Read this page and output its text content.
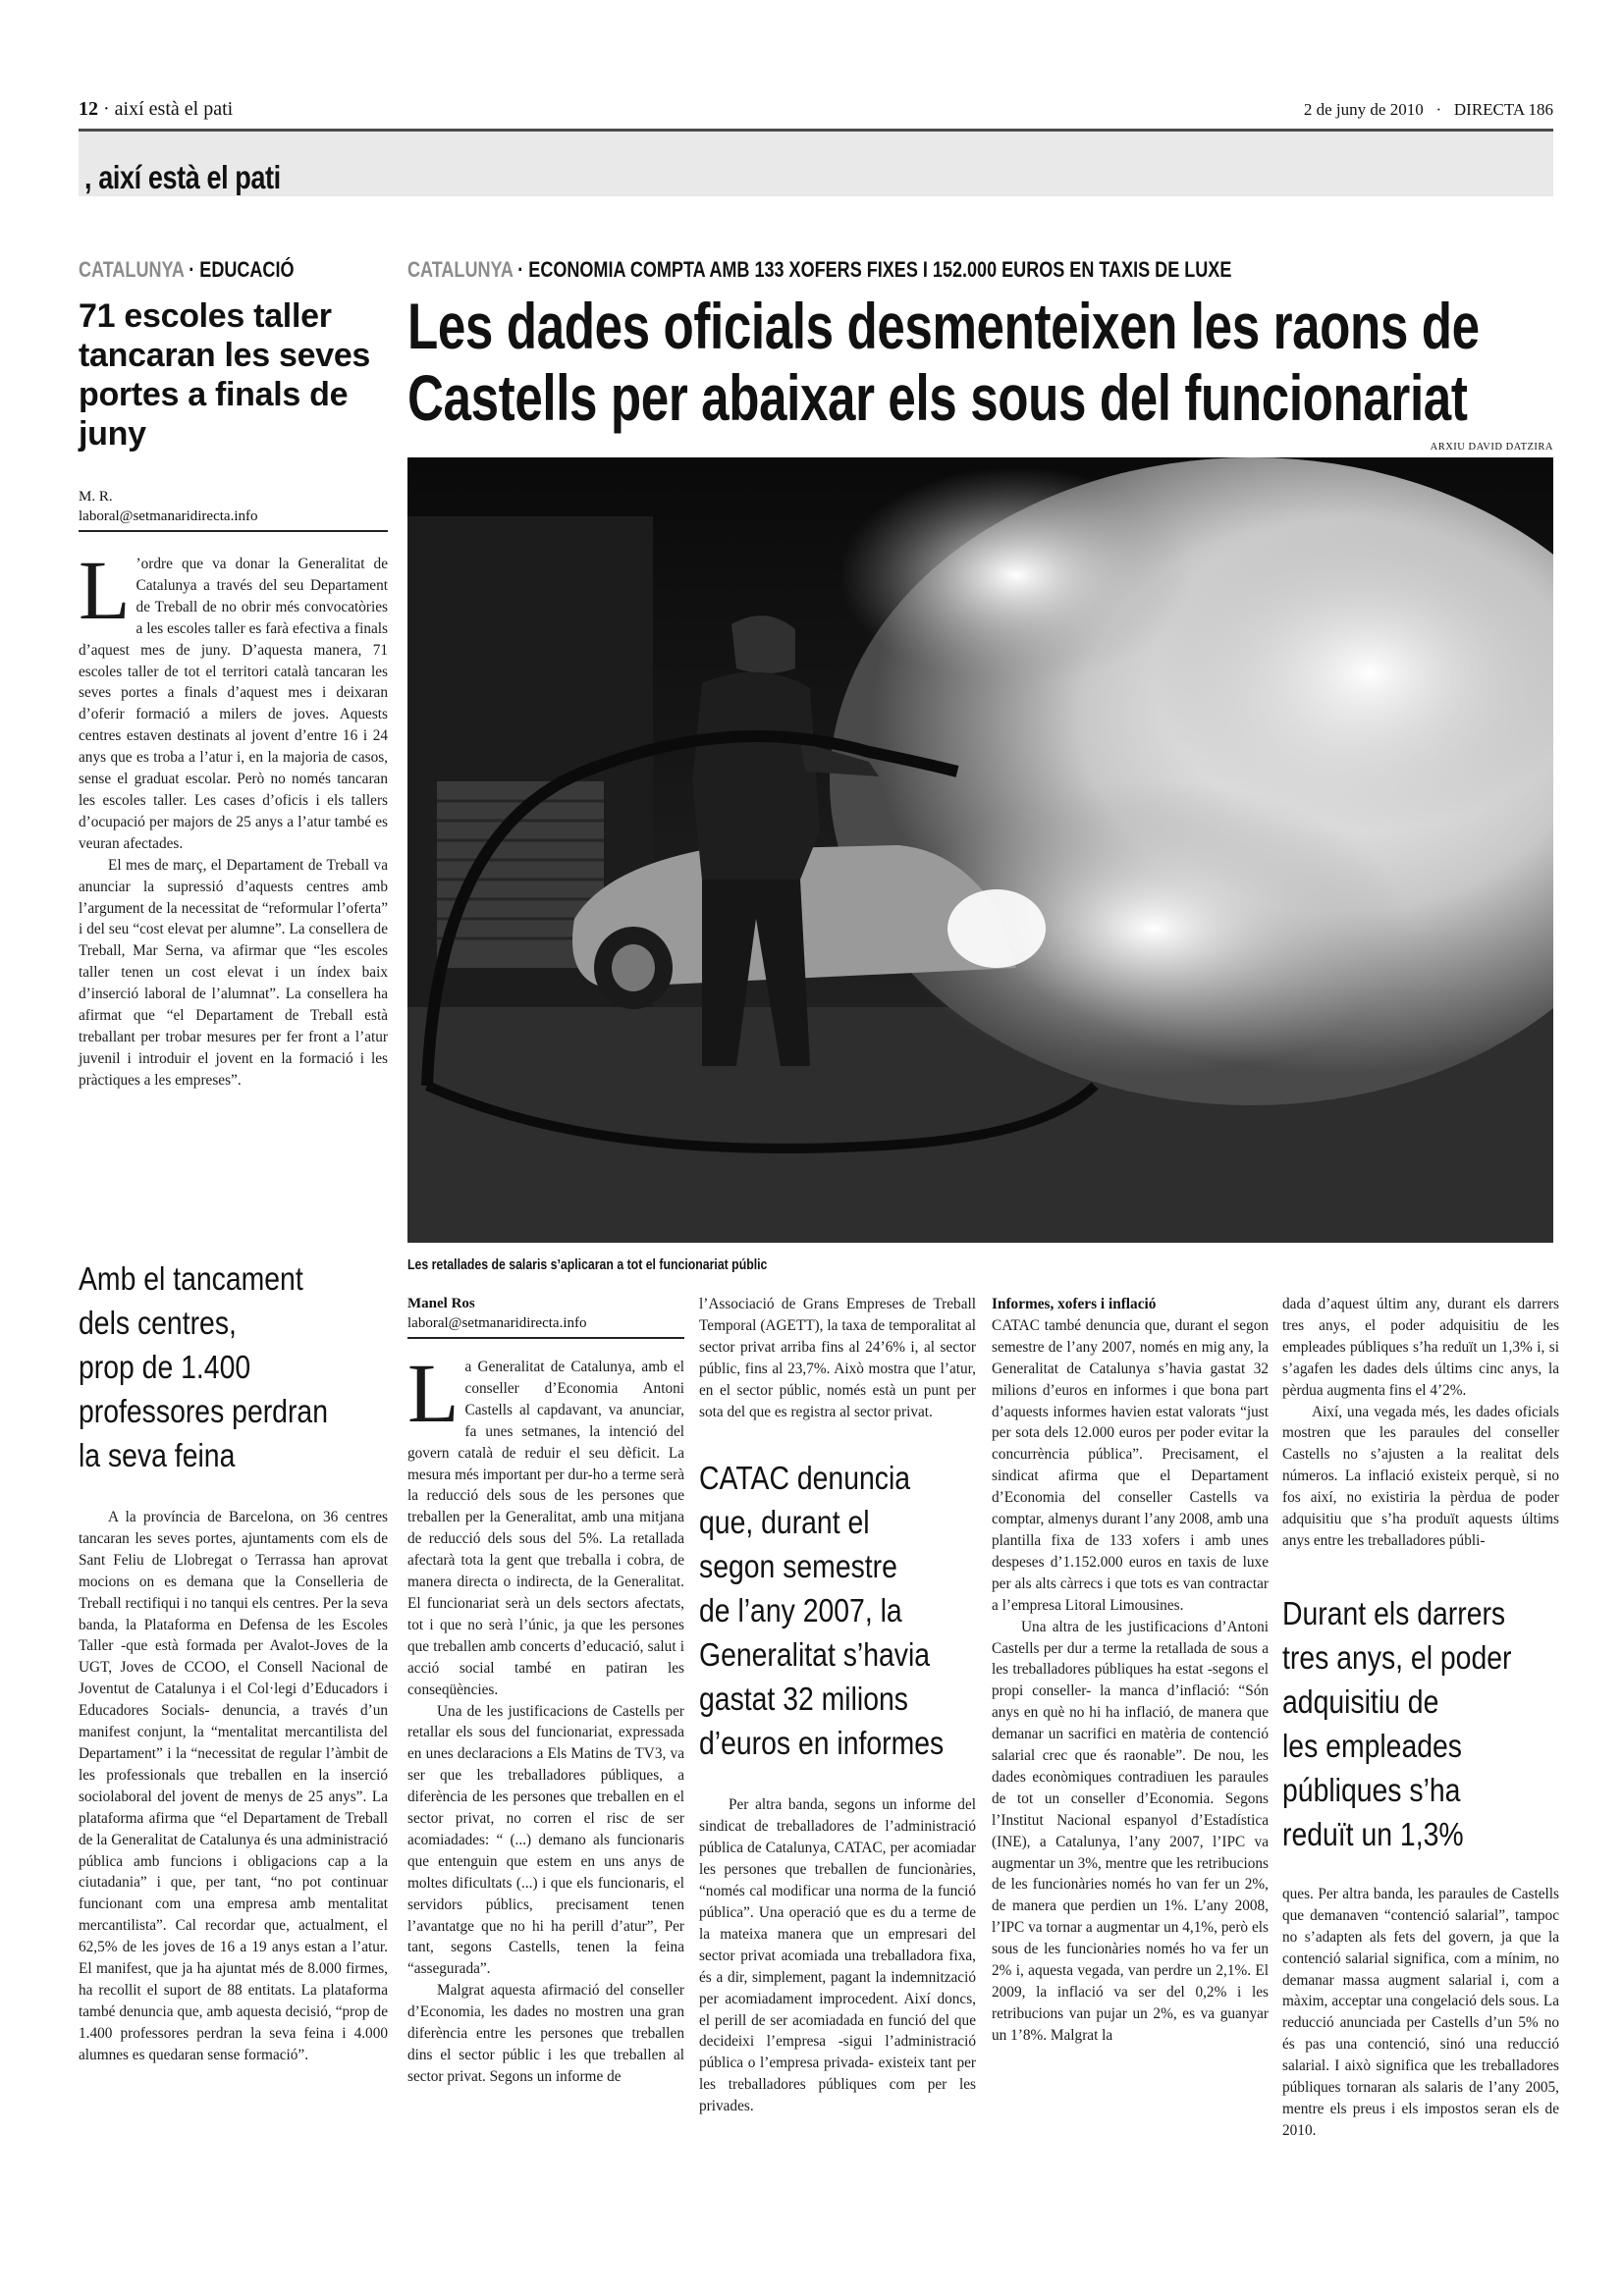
12 · així està el pati	2 de juny de 2010 · DIRECTA 186
, així està el pati
CATALUNYA · EDUCACIÓ
71 escoles taller tancaran les seves portes a finals de juny
M. R.
laboral@setmanaridirecta.info

L ’ordre que va donar la Generalitat de Catalunya a través del seu Departament de Treball de no obrir més convocatòries a les escoles taller es farà efectiva a finals d’aquest mes de juny. D’aquesta manera, 71 escoles taller de tot el territori català tancaran les seves portes a finals d’aquest mes i deixaran d’oferir formació a milers de joves. Aquests centres estaven destinats al jovent d’entre 16 i 24 anys que es troba a l’atur i, en la majoria de casos, sense el graduat escolar. Però no només tancaran les escoles taller. Les cases d’oficis i els tallers d’ocupació per majors de 25 anys a l’atur també es veuran afectades.

El mes de març, el Departament de Treball va anunciar la supressió d’aquests centres amb l’argument de la necessitat de “reformular l’oferta” i del seu “cost elevat per alumne”. La consellera de Treball, Mar Serna, va afirmar que “les escoles taller tenen un cost elevat i un índex baix d’inserció laboral de l’alumnat”. La consellera ha afirmat que “el Departament de Treball està treballant per trobar mesures per fer front a l’atur juvenil i introduir el jovent en la formació i les pràctiques a les empreses”.

Amb el tancament
dels centres,
prop de 1.400
professores perdran
la seva feina

A la província de Barcelona, on 36 centres tancaran les seves portes, ajuntaments com els de Sant Feliu de Llobregat o Terrassa han aprovat mocions on es demana que la Conselleria de Treball rectifiqui i no tanqui els centres. Per la seva banda, la Plataforma en Defensa de les Escoles Taller -que està formada per Avalot-Joves de la UGT, Joves de CCOO, el Consell Nacional de Joventut de Catalunya i el Col·legi d’Educadors i Educadores Socials- denuncia, a través d’un manifest conjunt, la “mentalitat mercantilista del Departament” i la “necessitat de regular l’àmbit de les professionals que treballen en la inserció sociolaboral del jovent de menys de 25 anys”. La plataforma afirma que “el Departament de Treball de la Generalitat de Catalunya és una administració pública amb funcions i obligacions cap a la ciutadania” i que, per tant, “no pot continuar funcionant com una empresa amb mentalitat mercantilista”. Cal recordar que, actualment, el 62,5% de les joves de 16 a 19 anys estan a l’atur. El manifest, que ja ha ajuntat més de 8.000 firmes, ha recollit el suport de 88 entitats. La plataforma també denuncia que, amb aquesta decisió, “prop de 1.400 professores perdran la seva feina i 4.000 alumnes es quedaran sense formació”.

CATALUNYA · ECONOMIA COMPTA AMB 133 XOFERS FIXES I 152.000 EUROS EN TAXIS DE LUXE
Les dades oficials desmenteixen les raons de
Castells per abaixar els sous del funcionariat
ARXIU DAVID DATZIRA
Les retallades de salaris s’aplicaran a tot el funcionariat públic
Manel Ros
laboral@setmanaridirecta.info

La Generalitat de Catalunya, amb el conseller d’Economia Antoni Castells al capdavant, va anunciar, fa unes setmanes, la intenció del govern català de reduir el seu dèficit. La mesura més important per dur-ho a terme serà la reducció dels sous de les persones que treballen per la Generalitat, amb una mitjana de reducció dels sous del 5%. La retallada afectarà tota la gent que treballa i cobra, de manera directa o indirecta, de la Generalitat. El funcionariat serà un dels sectors afectats, tot i que no serà l’únic, ja que les persones que treballen amb concerts d’educació, salut i acció social també en patiran les conseqüències.

Una de les justificacions de Castells per retallar els sous del funcionariat, expressada en unes declaracions a Els Matins de TV3, va ser que les treballadores públiques, a diferència de les persones que treballen en el sector privat, no corren el risc de ser acomiadades: “ (...) demano als funcionaris que entenguin que estem en uns anys de moltes dificultats (...) i que els funcionaris, el servidors públics, precisament tenen l’avantatge que no hi ha perill d’atur”, Per tant, segons Castells, tenen la feina “assegurada”.

Malgrat aquesta afirmació del conseller d’Economia, les dades no mostren una gran diferència entre les persones que treballen dins el sector públic i les que treballen al sector privat. Segons un informe de

l’Associació de Grans Empreses de Treball Temporal (AGETT), la taxa de temporalitat al sector privat arriba fins al 24’6% i, al sector públic, fins al 23,7%. Això mostra que l’atur, en el sector públic, només està un punt per sota del que es registra al sector privat.

CATAC denuncia
que, durant el
segon semestre
de l’any 2007, la
Generalitat s’havia
gastat 32 milions
d’euros en informes

Per altra banda, segons un informe del sindicat de treballadores de l’administració pública de Catalunya, CATAC, per acomiadar les persones que treballen de funcionàries, “només cal modificar una norma de la funció pública”. Una operació que es du a terme de la mateixa manera que un empresari del sector privat acomiada una treballadora fixa, és a dir, simplement, pagant la indemnització per acomiadament improcedent. Així doncs, el perill de ser acomiadada en funció del que decideixi l’empresa -sigui l’administració pública o l’empresa privada- existeix tant per les treballadores públiques com per les privades.

Informes, xofers i inflació

CATAC també denuncia que, durant el segon semestre de l’any 2007, només en mig any, la Generalitat de Catalunya s’havia gastat 32 milions d’euros en informes i que bona part d’aquests informes havien estat valorats “just per sota dels 12.000 euros per poder evitar la concurrència pública”. Precisament, el sindicat afirma que el Departament d’Economia del conseller Castells va comptar, almenys durant l’any 2008, amb una plantilla fixa de 133 xofers i amb unes despeses d’1.152.000 euros en taxis de luxe per als alts càrrecs i que tots es van contractar a l’empresa Litoral Limousines.

Una altra de les justificacions d’Antoni Castells per dur a terme la retallada de sous a les treballadores públiques ha estat -segons el propi conseller- la manca d’inflació: “Són anys en què no hi ha inflació, de manera que demanar un sacrifici en matèria de contenció salarial crec que és raonable”. De nou, les dades econòmiques contradiuen les paraules de tot un conseller d’Economia. Segons l’Institut Nacional espanyol d’Estadística (INE), a Catalunya, l’any 2007, l’IPC va augmentar un 3%, mentre que les retribucions de les funcionàries només ho van fer un 2%, de manera que perdien un 1%. L’any 2008, l’IPC va tornar a augmentar un 4,1%, però els sous de les funcionàries només ho va fer un 2% i, aquesta vegada, van perdre un 2,1%. El 2009, la inflació va ser del 0,2% i les retribucions van pujar un 2%, es va guanyar un 1’8%. Malgrat la

dada d’aquest últim any, durant els darrers tres anys, el poder adquisitiu de les empleades públiques s’ha reduït un 1,3% i, si s’agafen les dades dels últims cinc anys, la pèrdua augmenta fins el 4’2%.

Així, una vegada més, les dades oficials mostren que les paraules del conseller Castells no s’ajusten a la realitat dels números. La inflació existeix perquè, si no fos així, no existiria la pèrdua de poder adquisitiu que s’ha produït aquests últims anys entre les treballadores públi-

Durant els darrers
tres anys, el poder
adquisitiu de
les empleades
públiques s’ha
reduït un 1,3%

ques. Per altra banda, les paraules de Castells que demanaven “contenció salarial”, tampoc no s’adapten als fets del govern, ja que la contenció salarial significa, com a mínim, no demanar massa augment salarial i, com a màxim, acceptar una congelació dels sous. La reducció anunciada per Castells d’un 5% no és pas una contenció, sinó una reducció salarial. I això significa que les treballadores públiques tornaran als salaris de l’any 2005, mentre els preus i els impostos seran els de 2010.
